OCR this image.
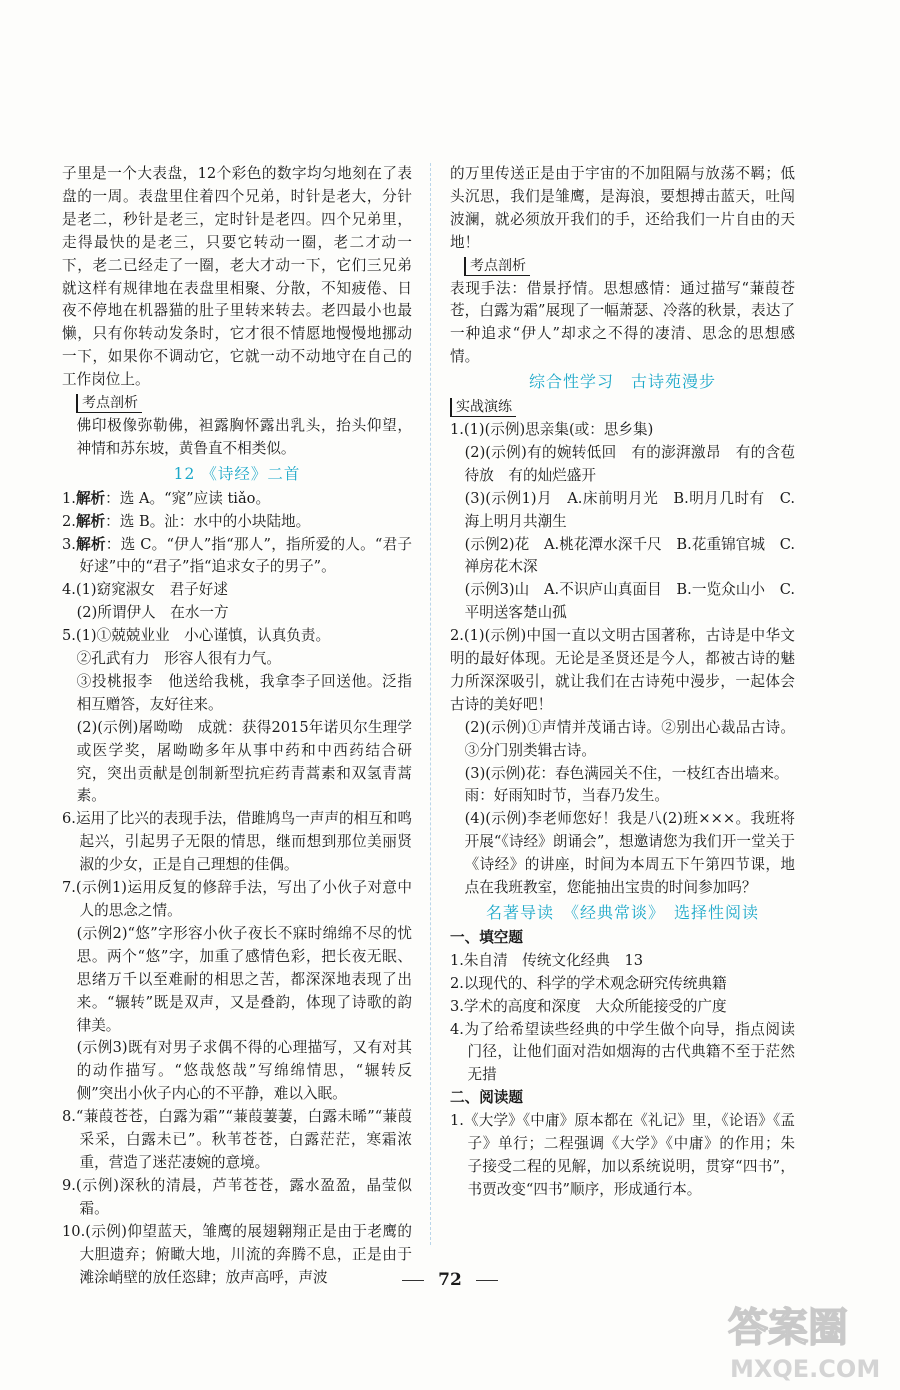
子里是一个大表盘，12个彩色的数字均匀地刻在了表盘的一周。表盘里住着四个兄弟，时针是老大，分针是老二，秒针是老三，定时针是老四。四个兄弟里，走得最快的是老三，只要它转动一圈，老二才动一下，老二已经走了一圈，老大才动一下，它们三兄弟就这样有规律地在表盘里相聚、分散，不知疲倦、日夜不停地在机器猫的肚子里转来转去。老四最小也最懒，只有你转动发条时，它才很不情愿地慢慢地挪动一下，如果你不调动它，它就一动不动地守在自己的工作岗位上。

考点剖析

佛印极像弥勒佛，袒露胸怀露出乳头，抬头仰望，神情和苏东坡，黄鲁直不相类似。

12 《诗经》二首

1.解析：选 A。“窕”应读 tiǎo。

2.解析：选 B。沚：水中的小块陆地。

3.解析：选 C。“伊人”指“那人”，指所爱的人。“君子好逑”中的“君子”指“追求女子的男子”。

4.(1)窈窕淑女　君子好逑

(2)所谓伊人　在水一方

5.(1)①兢兢业业　小心谨慎，认真负责。

②孔武有力　形容人很有力气。

③投桃报李　他送给我桃，我拿李子回送他。泛指相互赠答，友好往来。

(2)(示例)屠呦呦　成就：获得2015年诺贝尔生理学或医学奖，屠呦呦多年从事中药和中西药结合研究，突出贡献是创制新型抗疟药青蒿素和双氢青蒿素。

6.运用了比兴的表现手法，借雎鸠鸟一声声的相互和鸣起兴，引起男子无限的情思，继而想到那位美丽贤淑的少女，正是自己理想的佳偶。

7.(示例1)运用反复的修辞手法，写出了小伙子对意中人的思念之情。

(示例2)“悠”字形容小伙子夜长不寐时绵绵不尽的忧思。两个“悠”字，加重了感情色彩，把长夜无眠、思绪万千以至难耐的相思之苦，都深深地表现了出来。“辗转”既是双声，又是叠韵，体现了诗歌的韵律美。

(示例3)既有对男子求偶不得的心理描写，又有对其的动作描写。“悠哉悠哉”写绵绵情思，“辗转反侧”突出小伙子内心的不平静，难以入眠。

8.“蒹葭苍苍，白露为霜”“蒹葭萋萋，白露未晞”“蒹葭采采，白露未已”。秋苇苍苍，白露茫茫，寒霜浓重，营造了迷茫凄婉的意境。

9.(示例)深秋的清晨，芦苇苍苍，露水盈盈，晶莹似霜。

10.(示例)仰望蓝天，雏鹰的展翅翱翔正是由于老鹰的大胆遗弃；俯瞰大地，川流的奔腾不息，正是由于滩涂峭壁的放任恣肆；放声高呼，声波

的万里传送正是由于宇宙的不加阻隔与放荡不羁；低头沉思，我们是雏鹰，是海浪，要想搏击蓝天，吐闯波澜，就必须放开我们的手，还给我们一片自由的天地！

考点剖析

表现手法：借景抒情。思想感情：通过描写“蒹葭苍苍，白露为霜”展现了一幅萧瑟、冷落的秋景，表达了一种追求“伊人”却求之不得的凄清、思念的思想感情。

综合性学习　古诗苑漫步
实战演练

1.(1)(示例)思亲集(或：思乡集)

(2)(示例)有的婉转低回　有的澎湃激昂　有的含苞待放　有的灿烂盛开

(3)(示例1)月　A.床前明月光　B.明月几时有　C.海上明月共潮生

(示例2)花　A.桃花潭水深千尺　B.花重锦官城　C.禅房花木深

(示例3)山　A.不识庐山真面目　B.一览众山小　C.平明送客楚山孤

2.(1)(示例)中国一直以文明古国著称，古诗是中华文明的最好体现。无论是圣贤还是今人，都被古诗的魅力所深深吸引，就让我们在古诗苑中漫步，一起体会古诗的美好吧！

(2)(示例)①声情并茂诵古诗。②别出心裁品古诗。③分门别类辑古诗。

(3)(示例)花：春色满园关不住，一枝红杏出墙来。

雨：好雨知时节，当春乃发生。

(4)(示例)李老师您好！我是八(2)班×××。我班将开展“《诗经》朗诵会”，想邀请您为我们开一堂关于《诗经》的讲座，时间为本周五下午第四节课，地点在我班教室，您能抽出宝贵的时间参加吗？

名著导读　《经典常谈》　选择性阅读

一、填空题

1.朱自清　传统文化经典　13

2.以现代的、科学的学术观念研究传统典籍

3.学术的高度和深度　大众所能接受的广度

4.为了给希望读些经典的中学生做个向导，指点阅读门径，让他们面对浩如烟海的古代典籍不至于茫然无措

二、阅读题

1.《大学》《中庸》原本都在《礼记》里，《论语》《孟子》单行；二程强调《大学》《中庸》的作用；朱子接受二程的见解，加以系统说明，贯穿“四书”，书贾改变“四书”顺序，形成通行本。

72
答案圈
MXQE.COM
